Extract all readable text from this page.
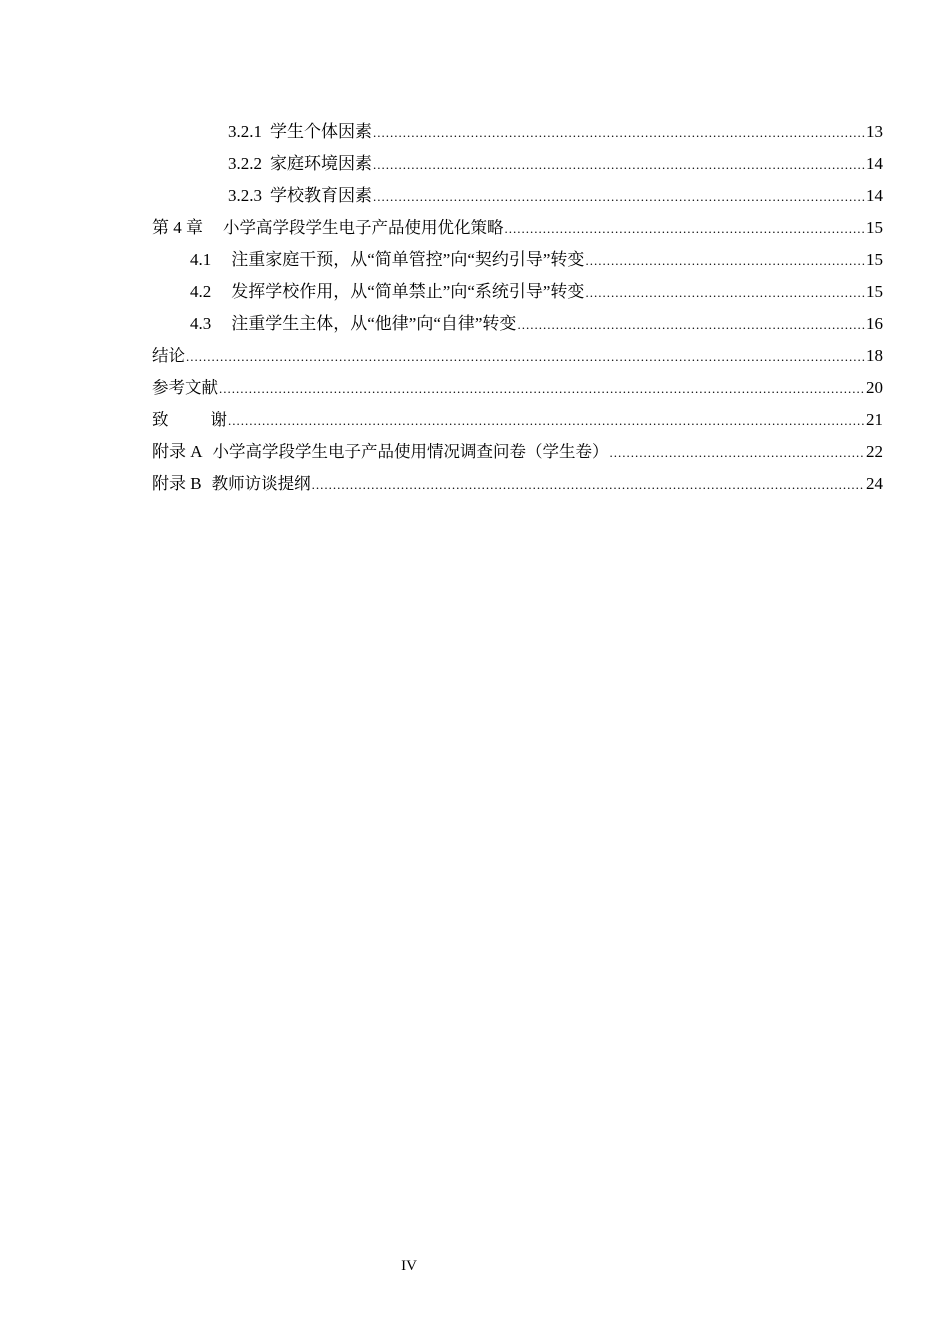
3.2.1 学生个体因素 .....	13
3.2.2 家庭环境因素 .....	14
3.2.3 学校教育因素 .....	14
第 4 章 小学高学段学生电子产品使用优化策略 .....	15
4.1 注重家庭干预，从“简单管控”向“契约引导”转变 .....	15
4.2 发挥学校作用，从“简单禁止”向“系统引导”转变 .....	15
4.3 注重学生主体，从“他律”向“自律”转变 .....	16
结论 .....	18
参考文献 .....	20
致	谢 .....	21
附录 A 小学高学段学生电子产品使用情况调查问卷（学生卷） .....	22
附录 B 教师访谈提纲 .....	24
IV
